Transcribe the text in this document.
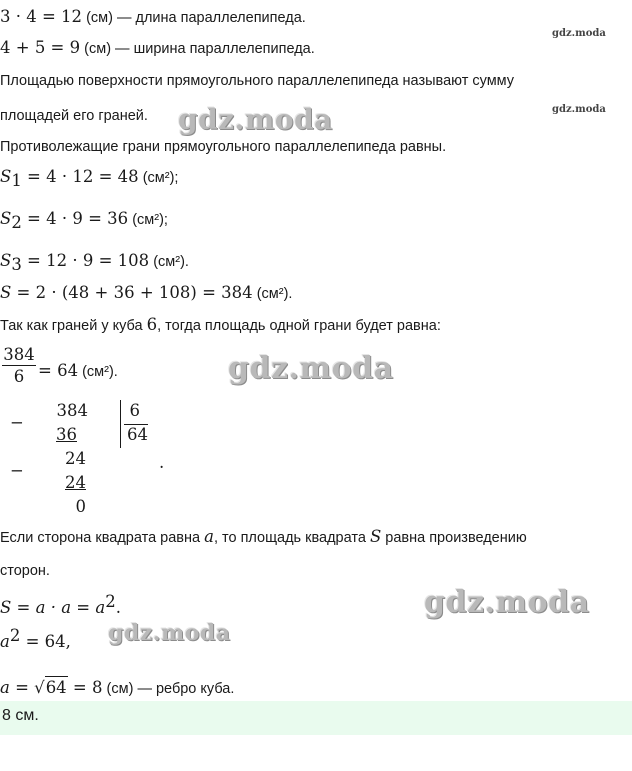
3 · 4 = 12 (см) — длина параллелепипеда.
4 + 5 = 9 (см) — ширина параллелепипеда.
Площадью поверхности прямоугольного параллелепипеда называют сумму
площадей его граней.
Противолежащие грани прямоугольного параллелепипеда равны.
$S_1 = 4 \cdot 12 = 48$ (см²);
$S_2 = 4 \cdot 9 = 36$ (см²);
$S_3 = 12 \cdot 9 = 108$ (см²).
S = 2 · (48 + 36 + 108) = 384 (см²).
Так как граней у куба 6, тогда площадь одной грани будет равна:
$\frac{384}{6} = 64$ (см²).
−
384
36
6
64
−
24
24
0
.
Если сторона квадрата равна a, то площадь квадрата S равна произведению
сторон.
$S = a \cdot a = a^2$.
$a^2 = 64$,
a = √64 = 8 (см) — ребро куба.
8 см.
gdz.moda
gdz.moda
gdz.moda
gdz.moda
gdz.moda
gdz.moda
